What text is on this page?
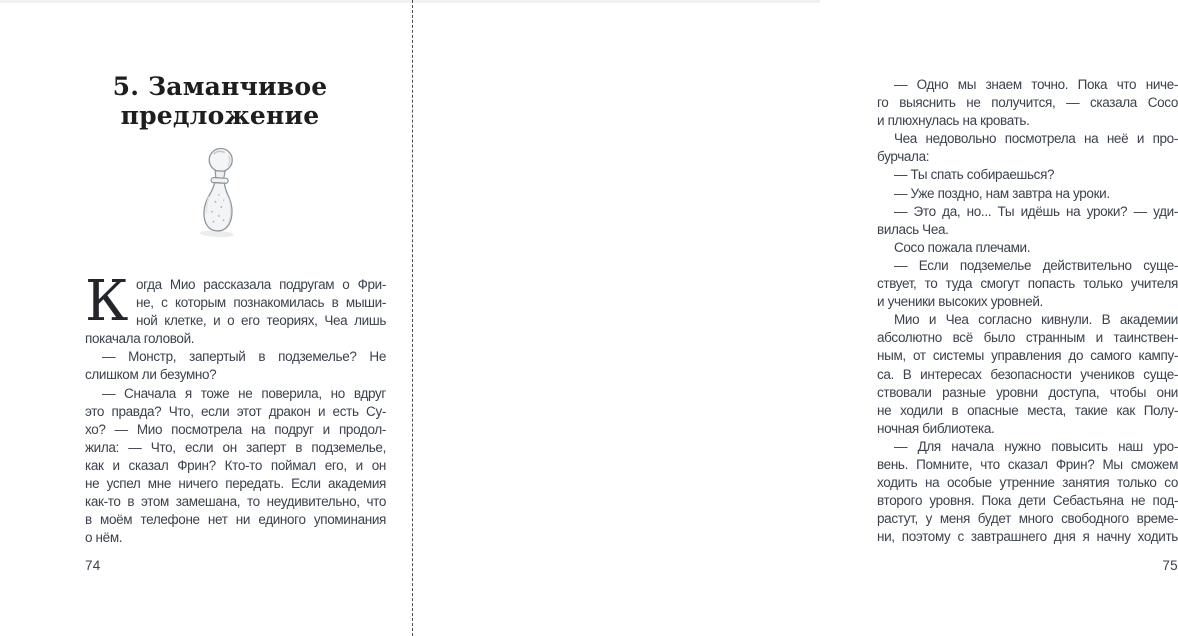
5. Заманчивое
предложение
К огда Мио рассказала подругам о Фри-
не, с которым познакомилась в мыши-
ной клетке, и о его теориях, Чеа лишь
покачала головой.
— Монстр, запертый в подземелье? Не
слишком ли безумно?
— Сначала я тоже не поверила, но вдруг
это правда? Что, если этот дракон и есть Су-
хо? — Мио посмотрела на подруг и продол-
жила: — Что, если он заперт в подземелье,
как и сказал Фрин? Кто-то поймал его, и он
не успел мне ничего передать. Если академия
как-то в этом замешана, то неудивительно, что
в моём телефоне нет ни единого упоминания
о нём.
74
— Одно мы знаем точно. Пока что ниче-
го выяснить не получится, — сказала Сосо
и плюхнулась на кровать.
Чеа недовольно посмотрела на неё и про-
бурчала:
— Ты спать собираешься?
— Уже поздно, нам завтра на уроки.
— Это да, но... Ты идёшь на уроки? — уди-
вилась Чеа.
Сосо пожала плечами.
— Если подземелье действительно суще-
ствует, то туда смогут попасть только учителя
и ученики высоких уровней.
Мио и Чеа согласно кивнули. В академии
абсолютно всё было странным и таинствен-
ным, от системы управления до самого кампу-
са. В интересах безопасности учеников суще-
ствовали разные уровни доступа, чтобы они
не ходили в опасные места, такие как Полу-
ночная библиотека.
— Для начала нужно повысить наш уро-
вень. Помните, что сказал Фрин? Мы сможем
ходить на особые утренние занятия только со
второго уровня. Пока дети Себастьяна не под-
растут, у меня будет много свободного време-
ни, поэтому с завтрашнего дня я начну ходить
75
